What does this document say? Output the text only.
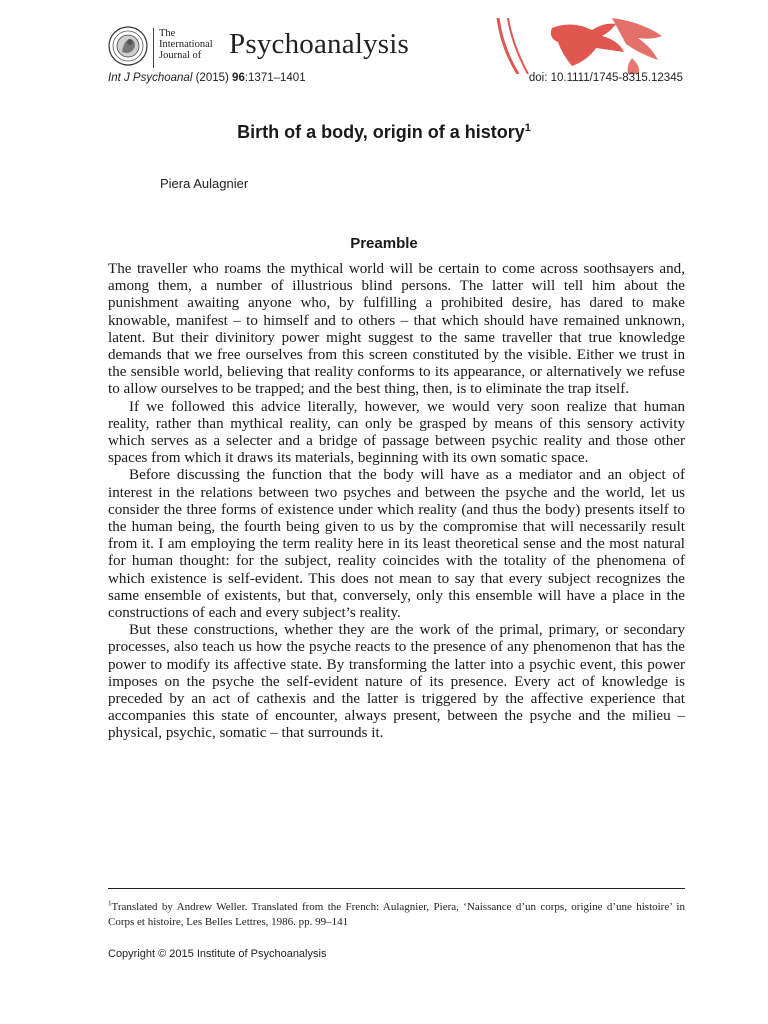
The
International
Journal of Psychoanalysis
Int J Psychoanal (2015) 96:1371–1401	doi: 10.1111/1745-8315.12345
Birth of a body, origin of a history$^1$
Piera Aulagnier
Preamble

The traveller who roams the mythical world will be certain to come across soothsayers and, among them, a number of illustrious blind persons. The latter will tell him about the punishment awaiting anyone who, by fulfilling a prohibited desire, has dared to make knowable, manifest – to himself and to others – that which should have remained unknown, latent. But their divinitory power might suggest to the same traveller that true knowledge demands that we free ourselves from this screen constituted by the visible. Either we trust in the sensible world, believing that reality conforms to its appearance, or alternatively we refuse to allow ourselves to be trapped; and the best thing, then, is to eliminate the trap itself.

If we followed this advice literally, however, we would very soon realize that human reality, rather than mythical reality, can only be grasped by means of this sensory activity which serves as a selecter and a bridge of passage between psychic reality and those other spaces from which it draws its materials, beginning with its own somatic space.

Before discussing the function that the body will have as a mediator and an object of interest in the relations between two psyches and between the psyche and the world, let us consider the three forms of existence under which reality (and thus the body) presents itself to the human being, the fourth being given to us by the compromise that will necessarily result from it. I am employing the term reality here in its least theoretical sense and the most natural for human thought: for the subject, reality coincides with the totality of the phenomena of which existence is self-evident. This does not mean to say that every subject recognizes the same ensemble of existents, but that, conversely, only this ensemble will have a place in the constructions of each and every subject’s reality.

But these constructions, whether they are the work of the primal, primary, or secondary processes, also teach us how the psyche reacts to the presence of any phenomenon that has the power to modify its affective state. By transforming the latter into a psychic event, this power imposes on the psyche the self-evident nature of its presence. Every act of knowledge is preceded by an act of cathexis and the latter is triggered by the affective experience that accompanies this state of encounter, always present, between the psyche and the milieu – physical, psychic, somatic – that surrounds it.

$^1$Translated by Andrew Weller. Translated from the French: Aulagnier, Piera, ‘Naissance d’un corps, origine d’une histoire’ in Corps et histoire, Les Belles Lettres, 1986. pp. 99–141
Copyright © 2015 Institute of Psychoanalysis
